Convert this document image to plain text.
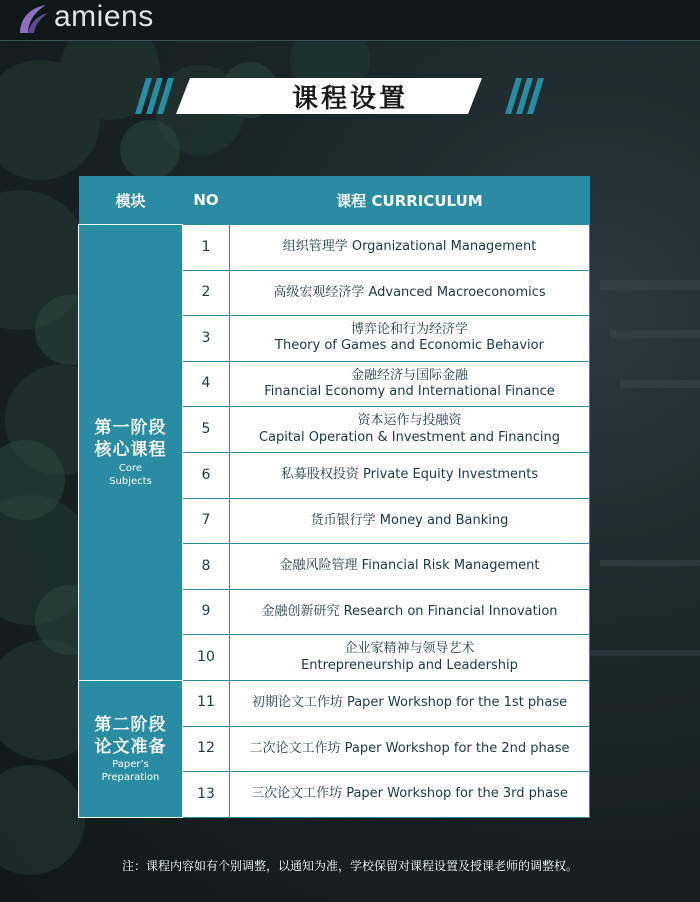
amiens
课程设置
模块	NO	课程 CURRICULUM

第一阶段
核心课程
Core
Subjects	1	组织管理学 Organizational Management

	2	高级宏观经济学 Advanced Macroeconomics

	3	博弈论和行为经济学
Theory of Games and Economic Behavior

	4	金融经济与国际金融
Financial Economy and International Finance

	5	资本运作与投融资
Capital Operation & Investment and Financing

	6	私募股权投资 Private Equity Investments

	7	货币银行学 Money and Banking

	8	金融风险管理 Financial Risk Management

	9	金融创新研究 Research on Financial Innovation

	10	企业家精神与领导艺术
Entrepreneurship and Leadership

第二阶段
论文准备
Paper’s
Preparation	11	初期论文工作坊 Paper Workshop for the 1st phase

	12	二次论文工作坊 Paper Workshop for the 2nd phase

	13	三次论文工作坊 Paper Workshop for the 3rd phase
注：课程内容如有个别调整，以通知为准，学校保留对课程设置及授课老师的调整权。
